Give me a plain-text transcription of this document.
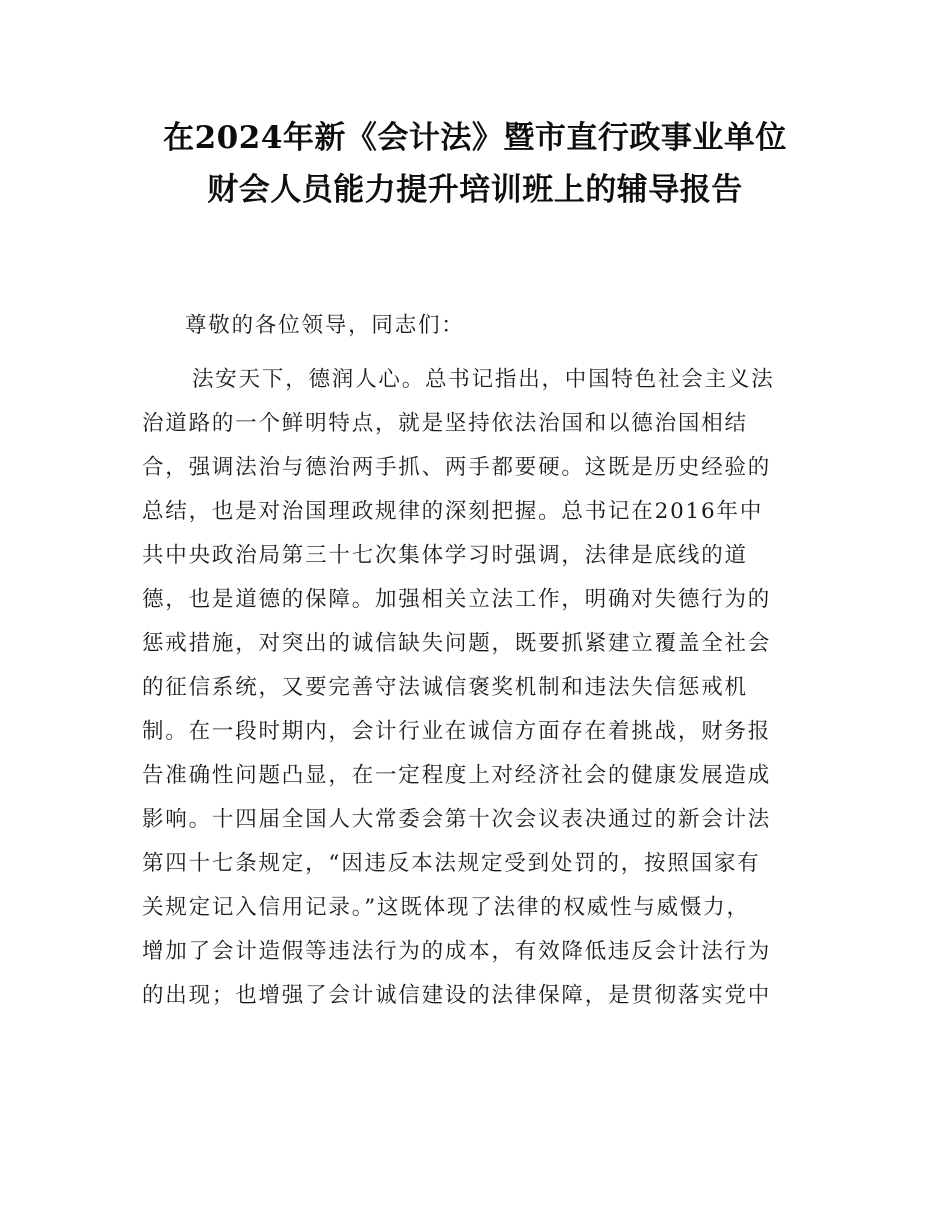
在2024年新《会计法》暨市直行政事业单位
财会人员能力提升培训班上的辅导报告

尊敬的各位领导，同志们：

法安天下，德润人心。总书记指出，中国特色社会主义法
治道路的一个鲜明特点，就是坚持依法治国和以德治国相结
合，强调法治与德治两手抓、两手都要硬。这既是历史经验的
总结，也是对治国理政规律的深刻把握。总书记在2016年中
共中央政治局第三十七次集体学习时强调，法律是底线的道
德，也是道德的保障。加强相关立法工作，明确对失德行为的
惩戒措施，对突出的诚信缺失问题，既要抓紧建立覆盖全社会
的征信系统，又要完善守法诚信褒奖机制和违法失信惩戒机
制。在一段时期内，会计行业在诚信方面存在着挑战，财务报
告准确性问题凸显，在一定程度上对经济社会的健康发展造成
影响。十四届全国人大常委会第十次会议表决通过的新会计法
第四十七条规定，“因违反本法规定受到处罚的，按照国家有
关规定记入信用记录。”这既体现了法律的权威性与威慑力，
增加了会计造假等违法行为的成本，有效降低违反会计法行为
的出现；也增强了会计诚信建设的法律保障，是贯彻落实党中
